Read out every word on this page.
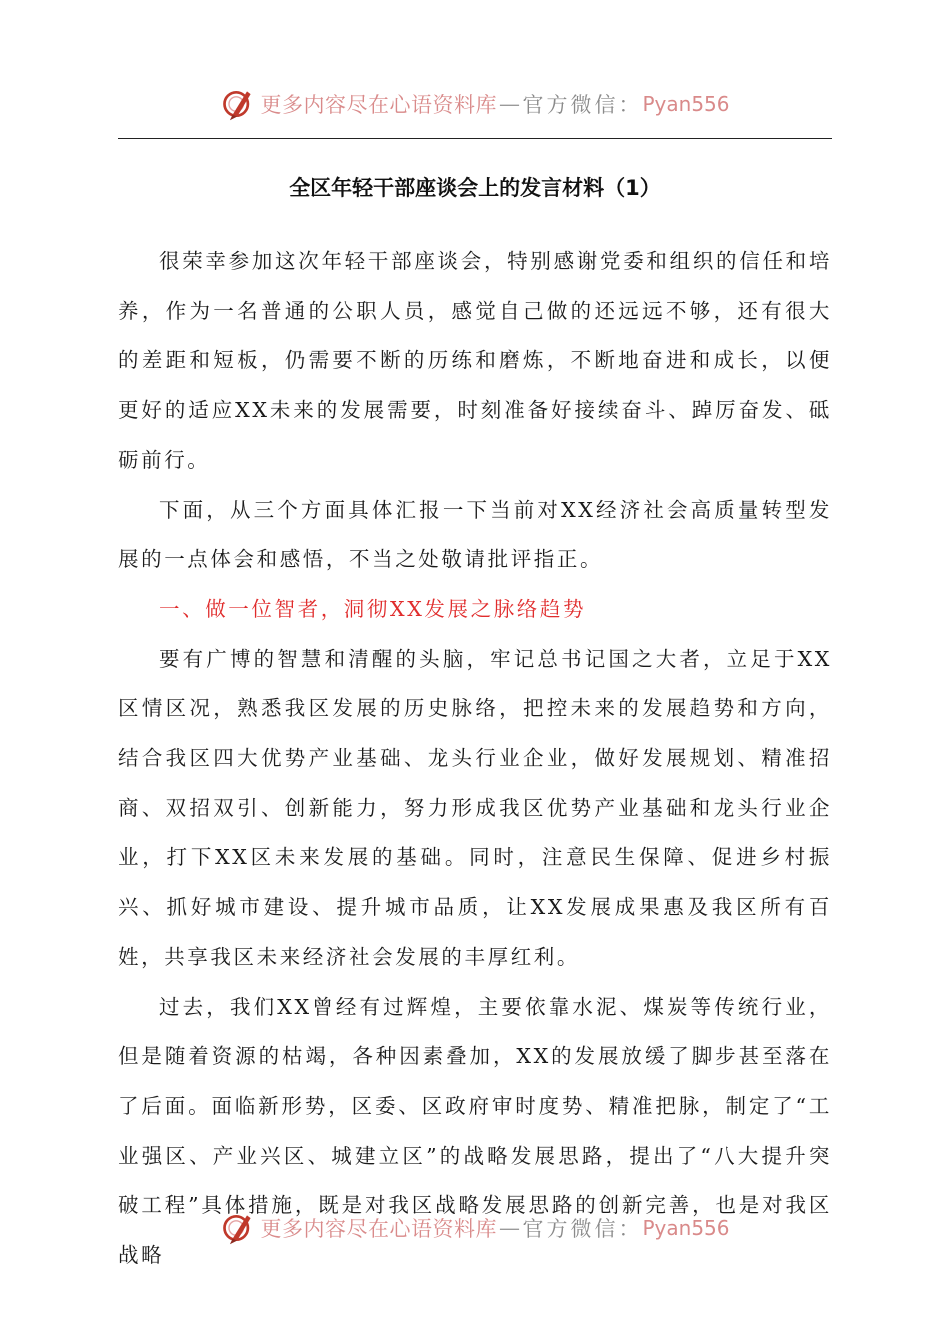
更多内容尽在心语资料库 — 官方微信： Pyan556
全区年轻干部座谈会上的发言材料（1）

很荣幸参加这次年轻干部座谈会，特别感谢党委和组织的信任和培养，作为一名普通的公职人员，感觉自己做的还远远不够，还有很大的差距和短板，仍需要不断的历练和磨炼，不断地奋进和成长，以便更好的适应XX未来的发展需要，时刻准备好接续奋斗、踔厉奋发、砥砺前行。

下面，从三个方面具体汇报一下当前对XX经济社会高质量转型发展的一点体会和感悟，不当之处敬请批评指正。

一、做一位智者，洞彻XX发展之脉络趋势

要有广博的智慧和清醒的头脑，牢记总书记国之大者，立足于XX区情区况，熟悉我区发展的历史脉络，把控未来的发展趋势和方向，结合我区四大优势产业基础、龙头行业企业，做好发展规划、精准招商、双招双引、创新能力，努力形成我区优势产业基础和龙头行业企业，打下XX区未来发展的基础。同时，注意民生保障、促进乡村振兴、抓好城市建设、提升城市品质，让XX发展成果惠及我区所有百姓，共享我区未来经济社会发展的丰厚红利。

过去，我们XX曾经有过辉煌，主要依靠水泥、煤炭等传统行业，但是随着资源的枯竭，各种因素叠加，XX的发展放缓了脚步甚至落在了后面。面临新形势，区委、区政府审时度势、精准把脉，制定了“工业强区、产业兴区、城建立区”的战略发展思路，提出了“八大提升突破工程”具体措施，既是对我区战略发展思路的创新完善，也是对我区战略

更多内容尽在心语资料库 — 官方微信： Pyan556
